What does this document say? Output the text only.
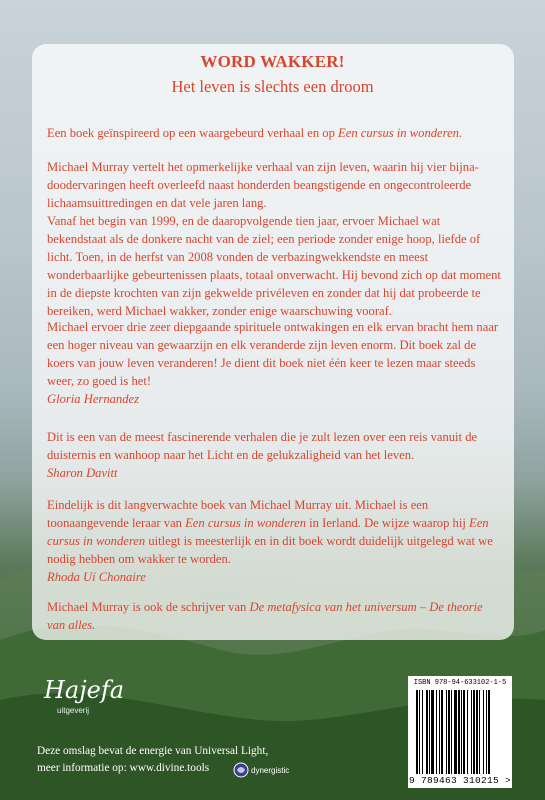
WORD WAKKER!
Het leven is slechts een droom

Een boek geïnspireerd op een waargebeurd verhaal en op Een cursus in wonderen.

Michael Murray vertelt het opmerkelijke verhaal van zijn leven, waarin hij vier bijna-doodervaringen heeft overleefd naast honderden beangstigende en ongecontroleerde lichaamsuittredingen en dat vele jaren lang.

Vanaf het begin van 1999, en de daaropvolgende tien jaar, ervoer Michael wat bekendstaat als de donkere nacht van de ziel; een periode zonder enige hoop, liefde of licht. Toen, in de herfst van 2008 vonden de verbazingwekkendste en meest wonderbaarlijke gebeurtenissen plaats, totaal onverwacht. Hij bevond zich op dat moment in de diepste krochten van zijn gekwelde privéleven en zonder dat hij dat probeerde te bereiken, werd Michael wakker, zonder enige waarschuwing vooraf.

Michael ervoer drie zeer diepgaande spirituele ontwakingen en elk ervan bracht hem naar een hoger niveau van gewaarzijn en elk veranderde zijn leven enorm. Dit boek zal de koers van jouw leven veranderen! Je dient dit boek niet één keer te lezen maar steeds weer, zo goed is het!

Gloria Hernandez

Dit is een van de meest fascinerende verhalen die je zult lezen over een reis vanuit de duisternis en wanhoop naar het Licht en de gelukzaligheid van het leven.

Sharon Davitt

Eindelijk is dit langverwachte boek van Michael Murray uit. Michael is een toonaangevende leraar van Een cursus in wonderen in Ierland. De wijze waarop hij Een cursus in wonderen uitlegt is meesterlijk en in dit boek wordt duidelijk uitgelegd wat we nodig hebben om wakker te worden.

Rhoda Uí Chonaire

Michael Murray is ook de schrijver van De metafysica van het universum – De theorie van alles.

Hajefa
uitgeverij
Deze omslag bevat de energie van Universal Light,
meer informatie op: www.divine.tools	dynergistic
ISBN 978-94-633102-1-5
9 789463 310215 >
